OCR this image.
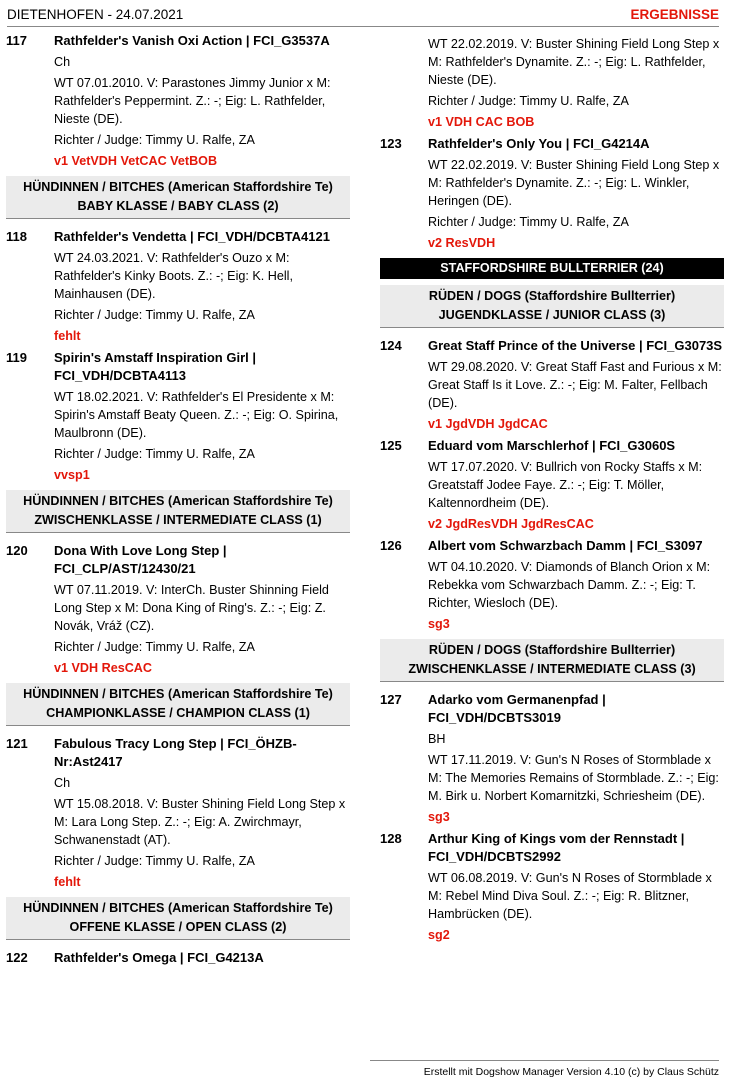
DIETENHOFEN - 24.07.2021	ERGEBNISSE
117	Rathfelder's Vanish Oxi Action | FCI_G3537A

Ch

WT 07.01.2010. V: Parastones Jimmy Junior x M: Rathfelder's Peppermint. Z.: -; Eig: L. Rathfelder, Nieste (DE).

Richter / Judge: Timmy U. Ralfe, ZA

v1 VetVDH VetCAC VetBOB

HÜNDINNEN / BITCHES (American Staffordshire Te)
BABY KLASSE / BABY CLASS (2)
118	Rathfelder's Vendetta | FCI_VDH/DCBTA4121

WT 24.03.2021. V: Rathfelder's Ouzo x M: Rathfelder's Kinky Boots. Z.: -; Eig: K. Hell, Mainhausen (DE).

Richter / Judge: Timmy U. Ralfe, ZA

fehlt

119	Spirin's Amstaff Inspiration Girl | FCI_VDH/DCBTA4113

WT 18.02.2021. V: Rathfelder's El Presidente x M: Spirin's Amstaff Beaty Queen. Z.: -; Eig: O. Spirina, Maulbronn (DE).

Richter / Judge: Timmy U. Ralfe, ZA

vvsp1

HÜNDINNEN / BITCHES (American Staffordshire Te)
ZWISCHENKLASSE / INTERMEDIATE CLASS (1)
120	Dona With Love Long Step | FCI_CLP/AST/12430/21

WT 07.11.2019. V: InterCh. Buster Shinning Field Long Step x M: Dona King of Ring's. Z.: -; Eig: Z. Novák, Vráž (CZ).

Richter / Judge: Timmy U. Ralfe, ZA

v1 VDH ResCAC

HÜNDINNEN / BITCHES (American Staffordshire Te)
CHAMPIONKLASSE / CHAMPION CLASS (1)
121	Fabulous Tracy Long Step | FCI_ÖHZB-Nr:Ast2417

Ch

WT 15.08.2018. V: Buster Shining Field Long Step x M: Lara Long Step. Z.: -; Eig: A. Zwirchmayr, Schwanenstadt (AT).

Richter / Judge: Timmy U. Ralfe, ZA

fehlt

HÜNDINNEN / BITCHES (American Staffordshire Te)
OFFENE KLASSE / OPEN CLASS (2)
122	Rathfelder's Omega | FCI_G4213A

WT 22.02.2019. V: Buster Shining Field Long Step x M: Rathfelder's Dynamite. Z.: -; Eig: L. Rathfelder, Nieste (DE).

Richter / Judge: Timmy U. Ralfe, ZA

v1 VDH CAC BOB

123	Rathfelder's Only You | FCI_G4214A

WT 22.02.2019. V: Buster Shining Field Long Step x M: Rathfelder's Dynamite. Z.: -; Eig: L. Winkler, Heringen (DE).

Richter / Judge: Timmy U. Ralfe, ZA

v2 ResVDH

STAFFORDSHIRE BULLTERRIER (24)
RÜDEN / DOGS (Staffordshire Bullterrier)
JUGENDKLASSE / JUNIOR CLASS (3)
124	Great Staff Prince of the Universe | FCI_G3073S

WT 29.08.2020. V: Great Staff Fast and Furious x M: Great Staff Is it Love. Z.: -; Eig: M. Falter, Fellbach (DE).

v1 JgdVDH JgdCAC

125	Eduard vom Marschlerhof | FCI_G3060S

WT 17.07.2020. V: Bullrich von Rocky Staffs x M: Greatstaff Jodee Faye. Z.: -; Eig: T. Möller, Kaltennordheim (DE).

v2 JgdResVDH JgdResCAC

126	Albert vom Schwarzbach Damm | FCI_S3097

WT 04.10.2020. V: Diamonds of Blanch Orion x M: Rebekka vom Schwarzbach Damm. Z.: -; Eig: T. Richter, Wiesloch (DE).

sg3

RÜDEN / DOGS (Staffordshire Bullterrier)
ZWISCHENKLASSE / INTERMEDIATE CLASS (3)
127	Adarko vom Germanenpfad | FCI_VDH/DCBTS3019

BH

WT 17.11.2019. V: Gun's N Roses of Stormblade x M: The Memories Remains of Stormblade. Z.: -; Eig: M. Birk u. Norbert Komarnitzki, Schriesheim (DE).

sg3

128	Arthur King of Kings vom der Rennstadt | FCI_VDH/DCBTS2992

WT 06.08.2019. V: Gun's N Roses of Stormblade x M: Rebel Mind Diva Soul. Z.: -; Eig: R. Blitzner, Hambrücken (DE).

sg2

Erstellt mit Dogshow Manager Version 4.10 (c) by Claus Schütz
